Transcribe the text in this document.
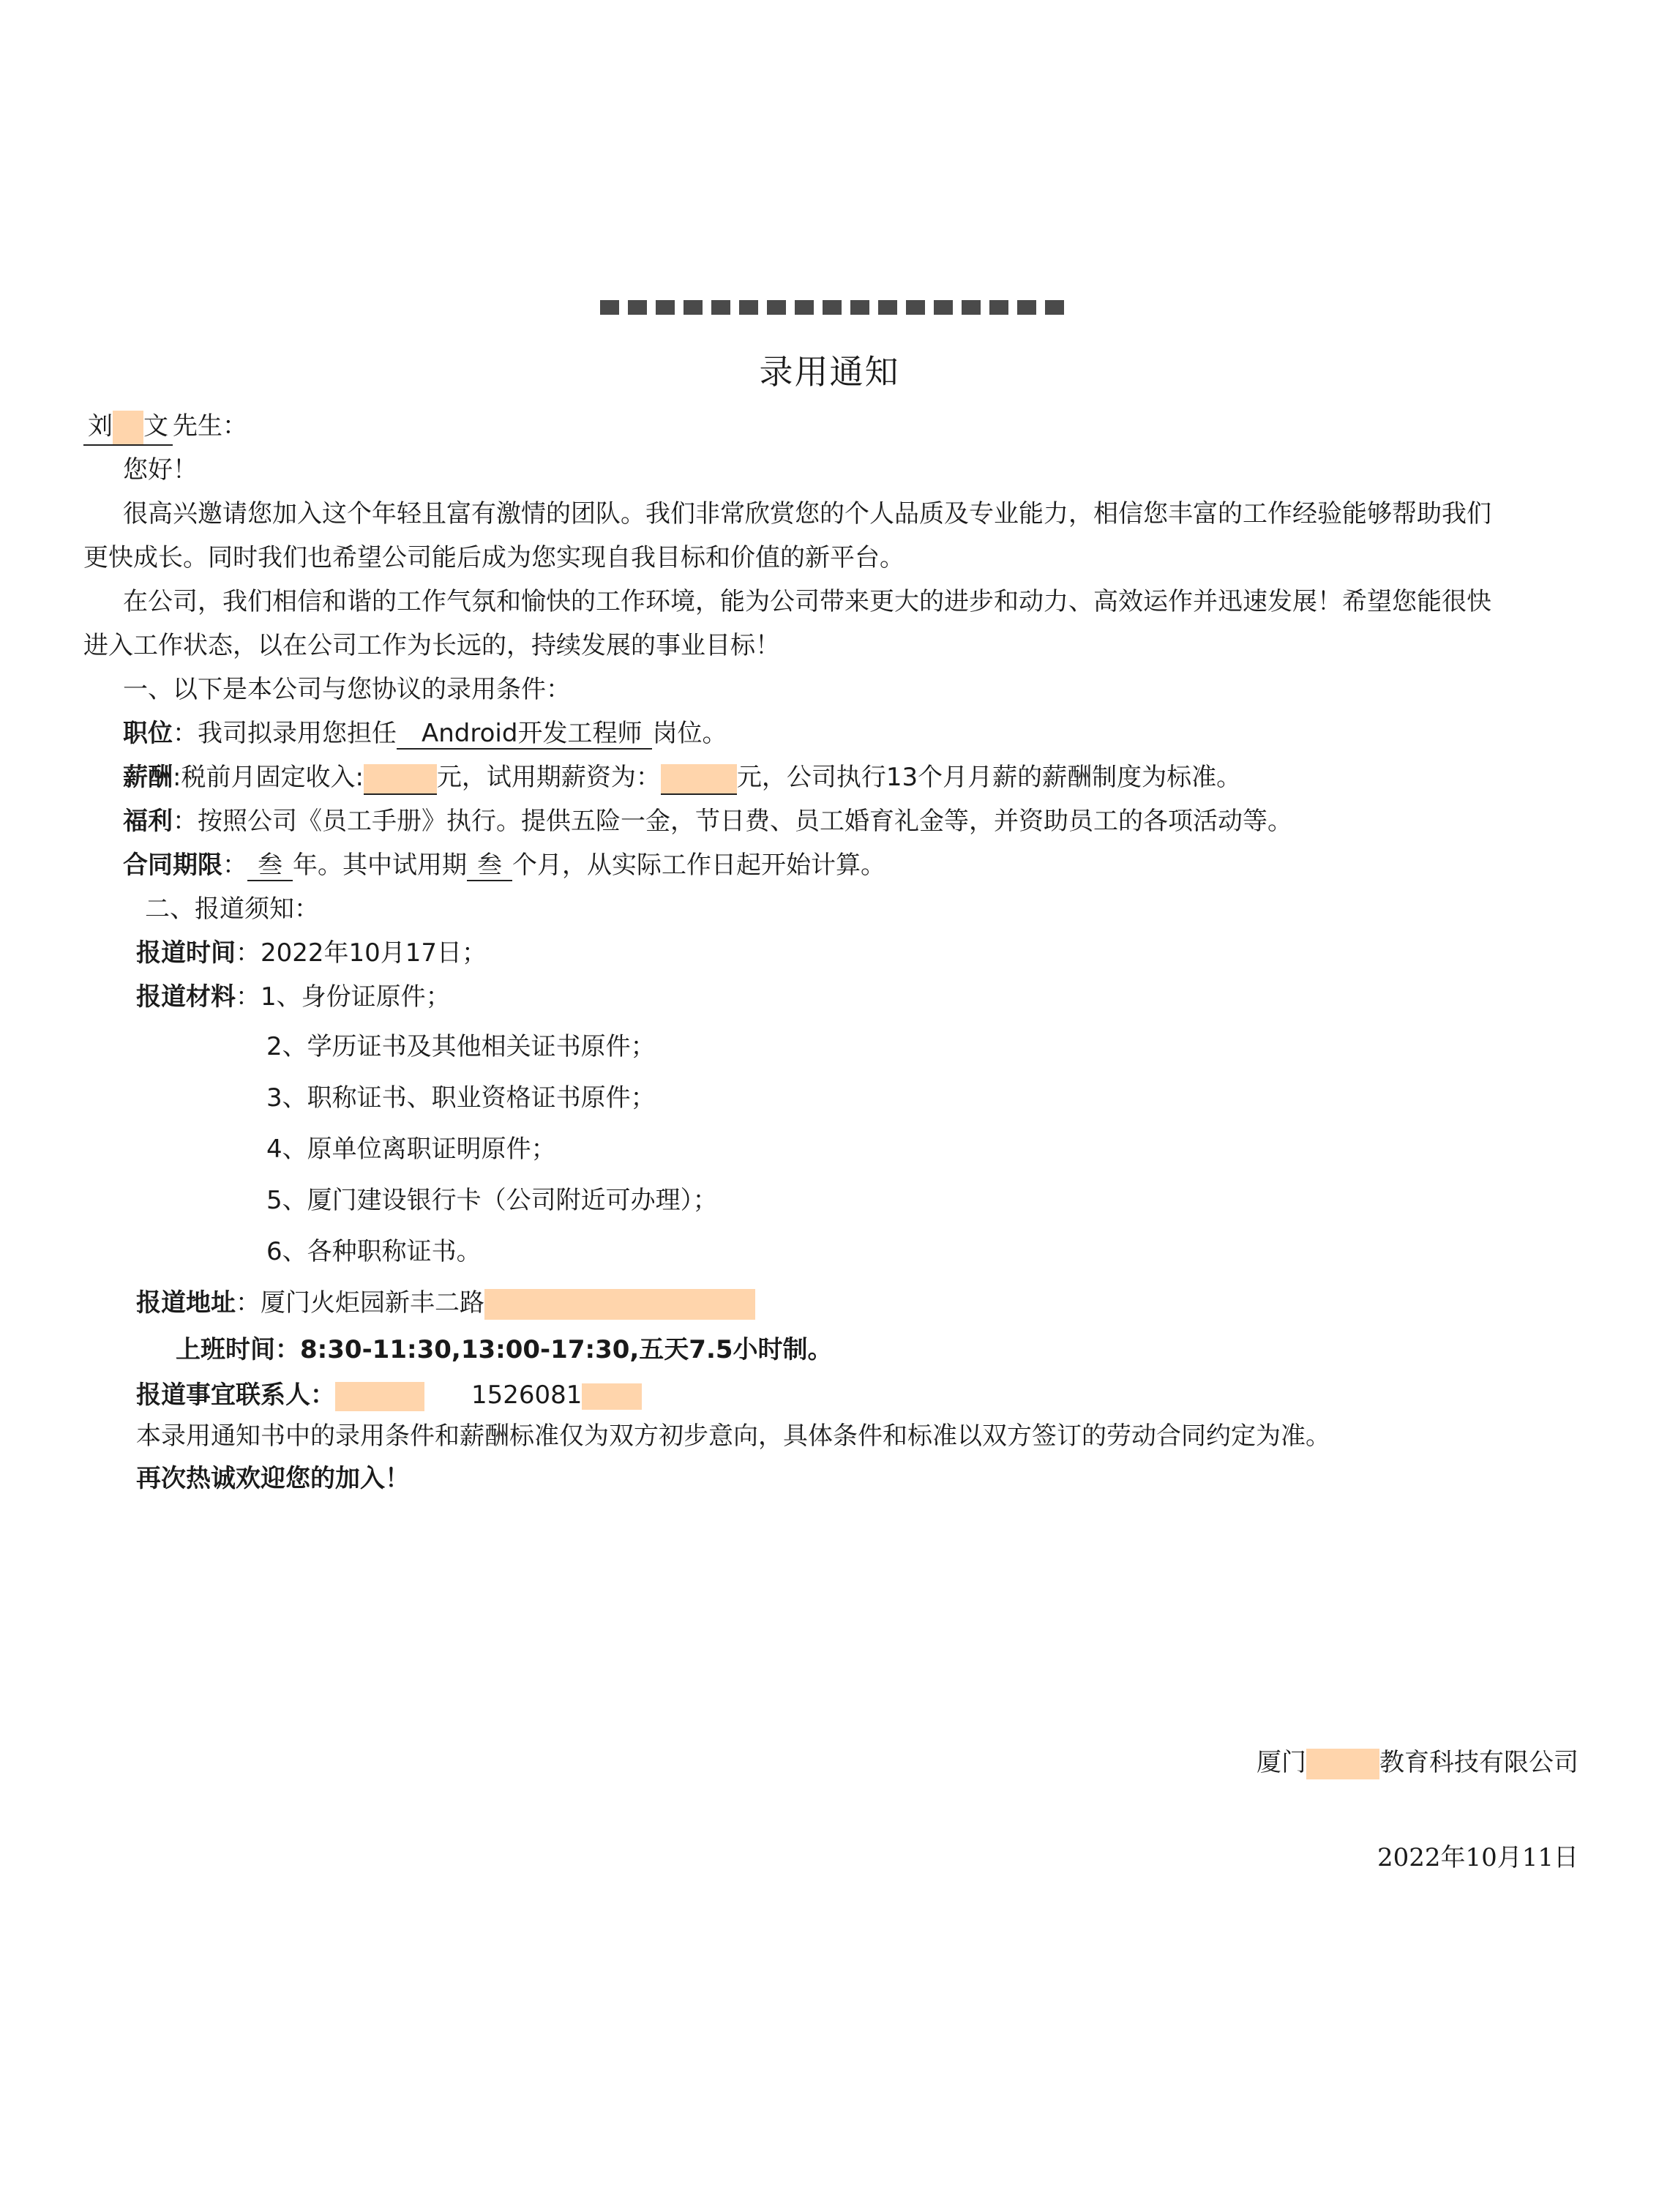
录用通知
刘 文 先生：
您好！
很高兴邀请您加入这个年轻且富有激情的团队。我们非常欣赏您的个人品质及专业能力，相信您丰富的工作经验能够帮助我们
更快成长。同时我们也希望公司能后成为您实现自我目标和价值的新平台。
在公司，我们相信和谐的工作气氛和愉快的工作环境，能为公司带来更大的进步和动力、高效运作并迅速发展！希望您能很快
进入工作状态，以在公司工作为长远的，持续发展的事业目标！
一、以下是本公司与您协议的录用条件：
职位：我司拟录用您担任 Android开发工程师 岗位。
薪酬:税前月固定收入:	元，试用期薪资为：	元，公司执行13个月月薪的薪酬制度为标准。
福利：按照公司《员工手册》执行。提供五险一金，节日费、员工婚育礼金等，并资助员工的各项活动等。
合同期限： 叁 年。其中试用期 叁 个月，从实际工作日起开始计算。
二、报道须知：
报道时间：2022年10月17日；
报道材料：1、身份证原件；
2、学历证书及其他相关证书原件；
3、职称证书、职业资格证书原件；
4、原单位离职证明原件；
5、厦门建设银行卡（公司附近可办理）；
6、各种职称证书。
报道地址：厦门火炬园新丰二路
上班时间：8:30-11:30,13:00-17:30,五天7.5小时制。
报道事宜联系人：	1526081
本录用通知书中的录用条件和薪酬标准仅为双方初步意向，具体条件和标准以双方签订的劳动合同约定为准。
再次热诚欢迎您的加入！
厦门	教育科技有限公司
2022年10月11日
